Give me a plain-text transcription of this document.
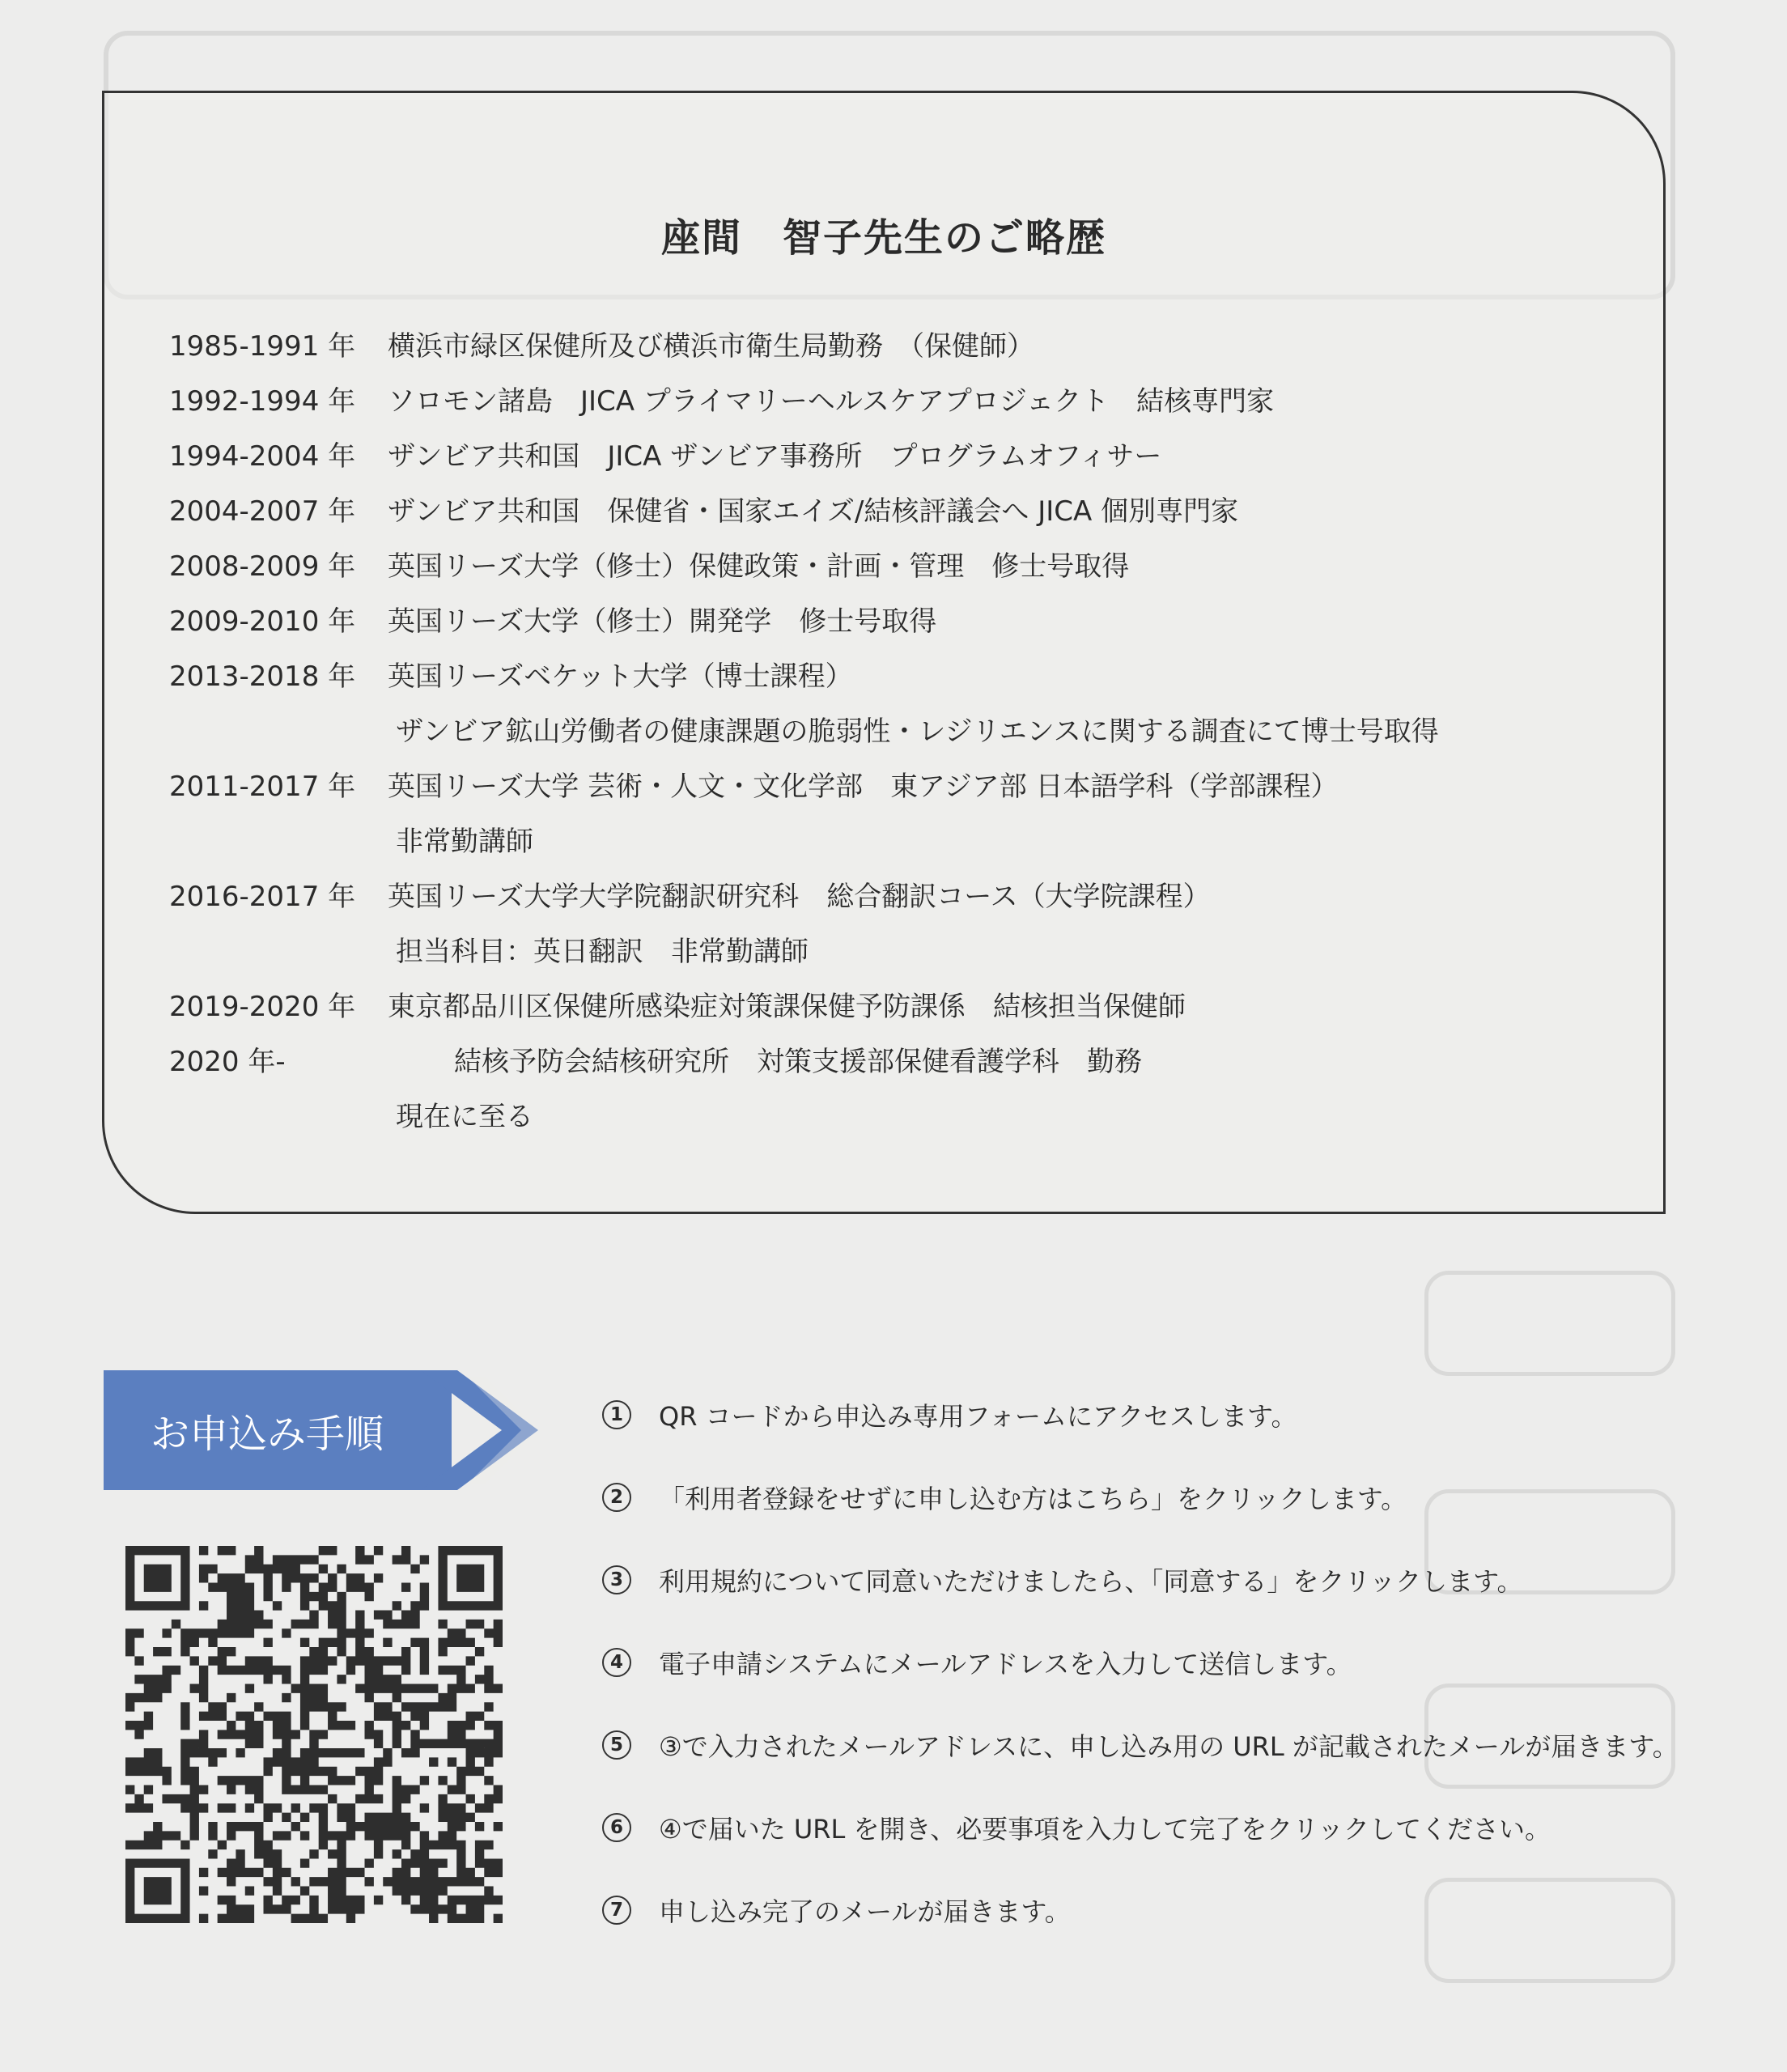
座間　智子先生のご略歴
1985-1991 年 横浜市緑区保健所及び横浜市衛生局勤務　（保健師）
1992-1994 年 ソロモン諸島　JICA プライマリーヘルスケアプロジェクト　結核専門家
1994-2004 年 ザンビア共和国　JICA ザンビア事務所　プログラムオフィサー
2004-2007 年 ザンビア共和国　保健省・国家エイズ/結核評議会へ JICA 個別専門家
2008-2009 年 英国リーズ大学（修士）保健政策・計画・管理　修士号取得
2009-2010 年 英国リーズ大学（修士）開発学　修士号取得
2013-2018 年 英国リーズベケット大学（博士課程）
ザンビア鉱山労働者の健康課題の脆弱性・レジリエンスに関する調査にて博士号取得
2011-2017 年 英国リーズ大学 芸術・人文・文化学部　東アジア部 日本語学科（学部課程）
非常勤講師
2016-2017 年 英国リーズ大学大学院翻訳研究科　総合翻訳コース（大学院課程）
担当科目：英日翻訳　非常勤講師
2019-2020 年 東京都品川区保健所感染症対策課保健予防課係　結核担当保健師
2020 年-	結核予防会結核研究所　対策支援部保健看護学科　勤務
現在に至る
お申込み手順	1	QR コードから申込み専用フォームにアクセスします。
2	「利用者登録をせずに申し込む方はこちら」をクリックします。
3	利用規約について同意いただけましたら、「同意する」をクリックします。
4	電子申請システムにメールアドレスを入力して送信します。
5	③で入力されたメールアドレスに、申し込み用の URL が記載されたメールが届きます。
6	④で届いた URL を開き、必要事項を入力して完了をクリックしてください。
7	申し込み完了のメールが届きます。
